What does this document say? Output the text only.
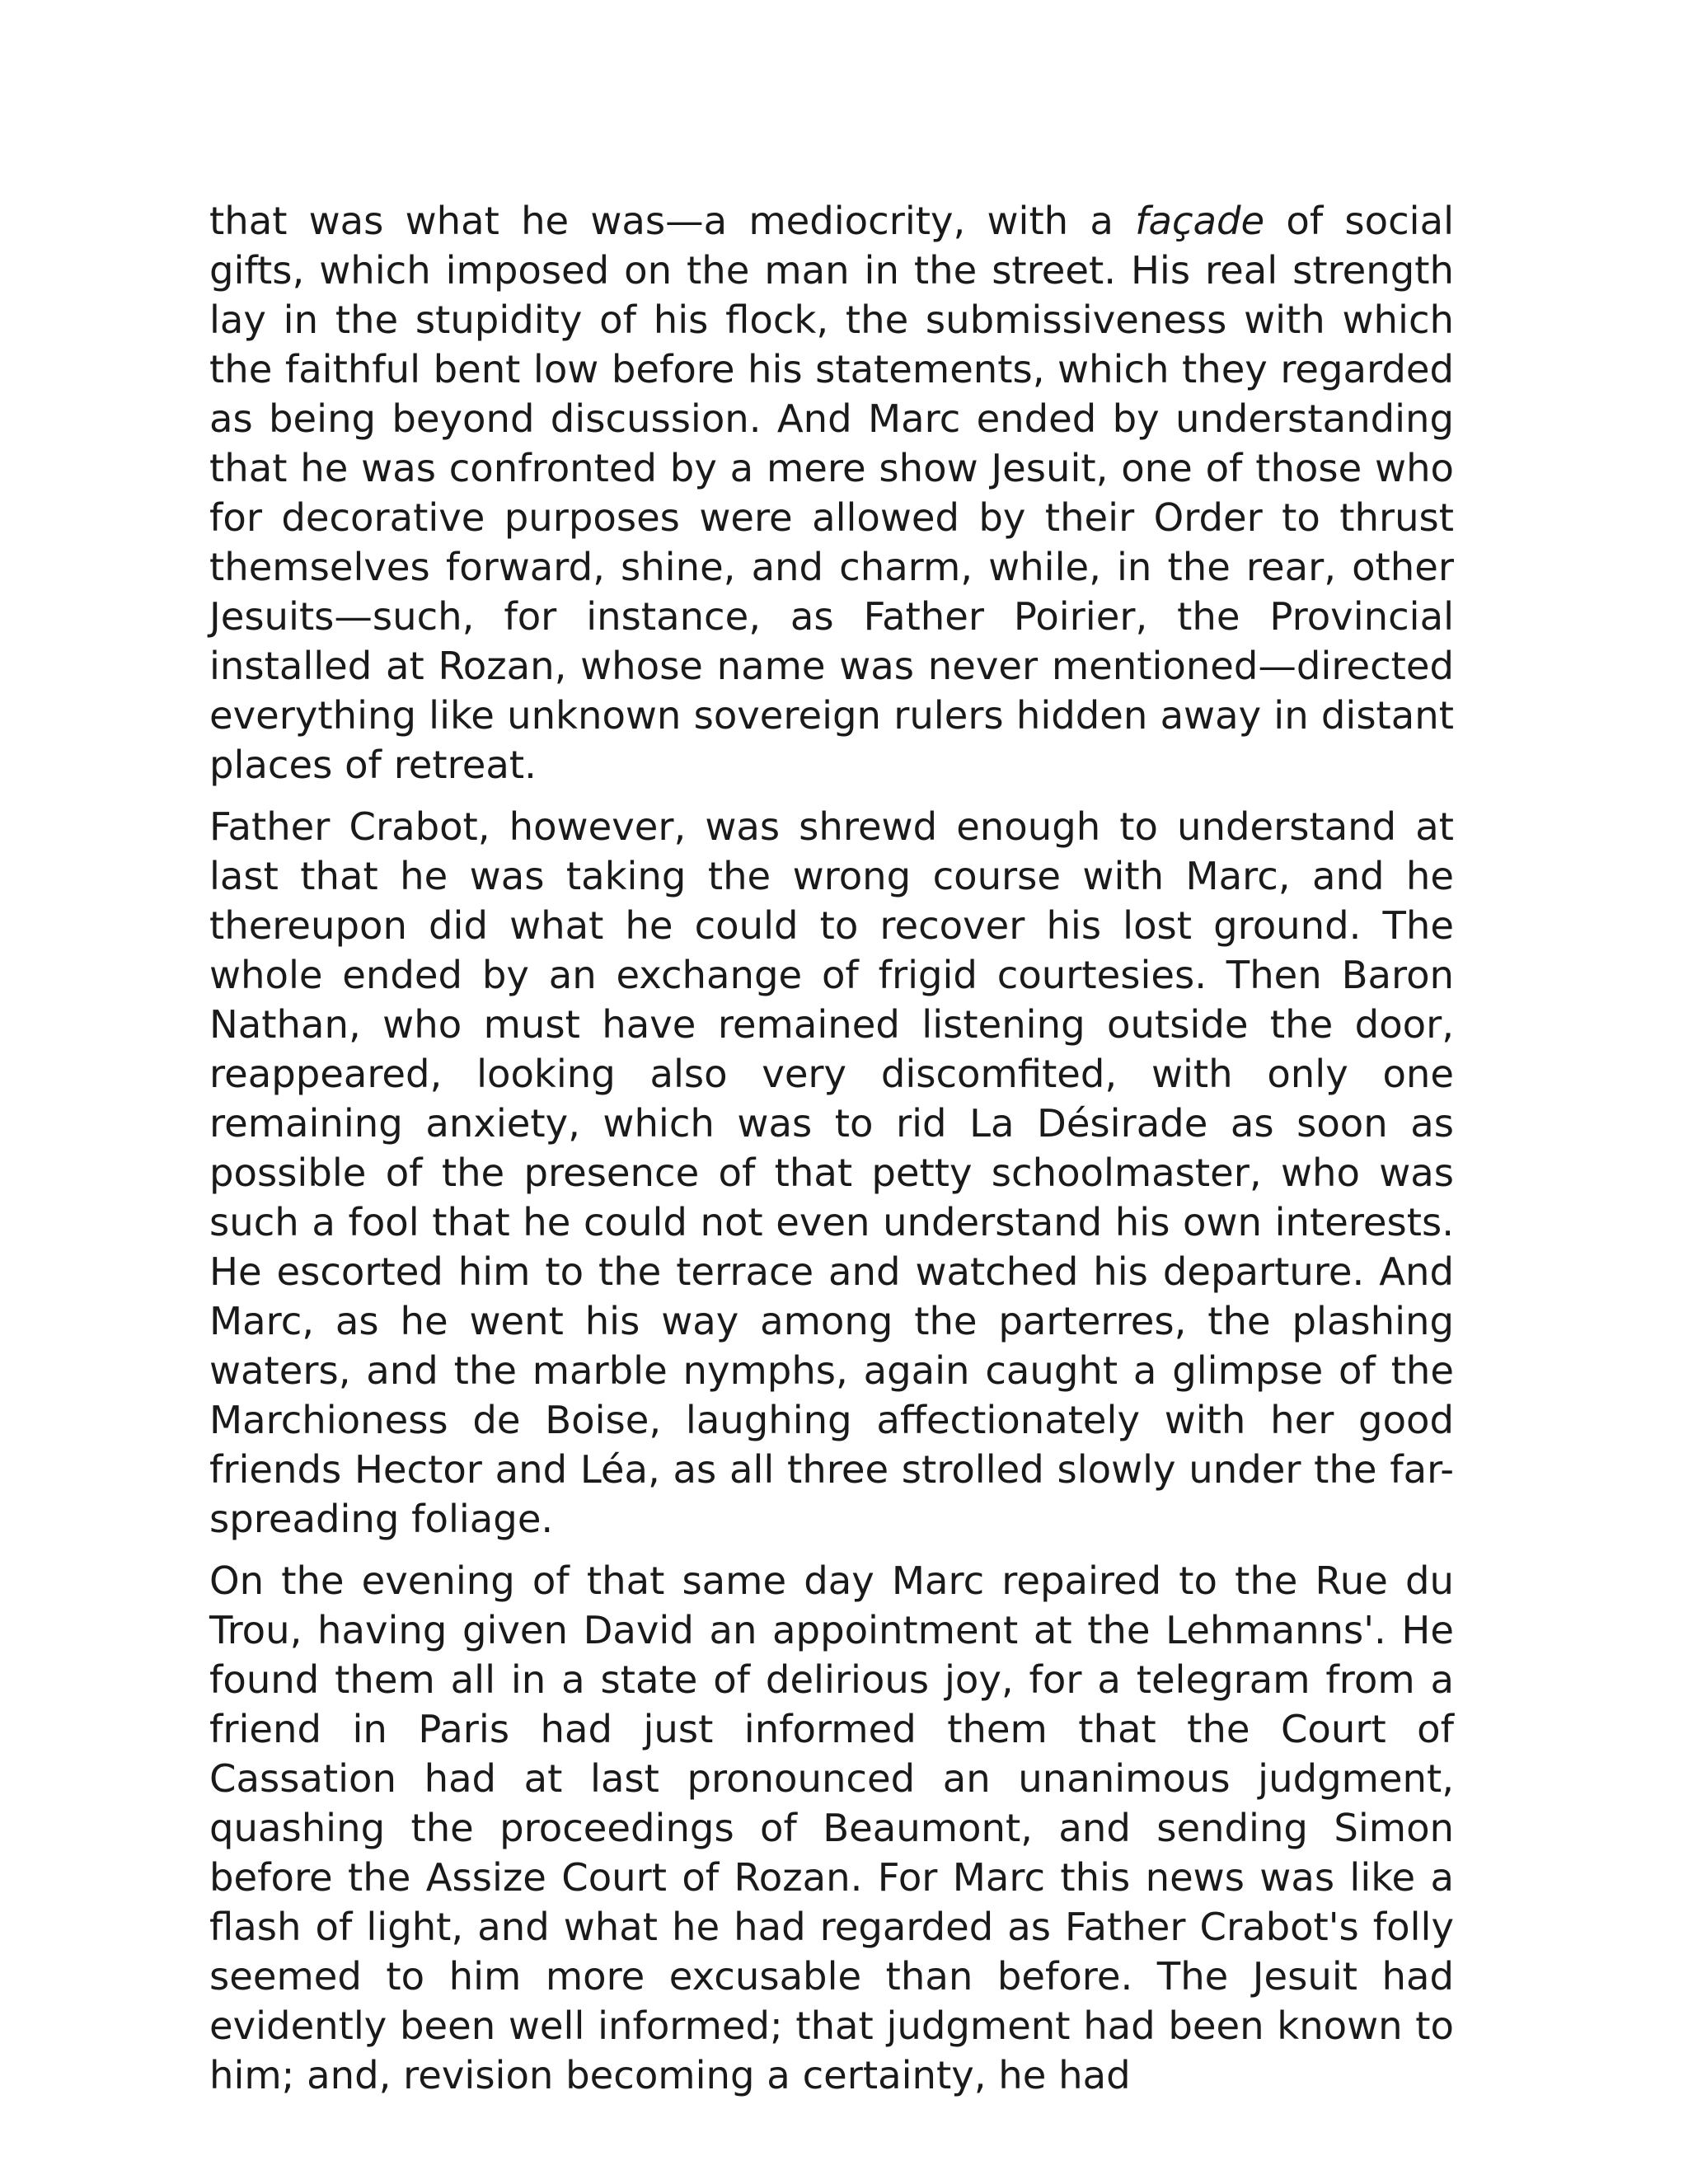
that was what he was—a mediocrity, with a façade of social gifts, which imposed on the man in the street. His real strength lay in the stupidity of his flock, the submissiveness with which the faithful bent low before his statements, which they regarded as being beyond discussion. And Marc ended by understanding that he was confronted by a mere show Jesuit, one of those who for decorative purposes were allowed by their Order to thrust themselves forward, shine, and charm, while, in the rear, other Jesuits—such, for instance, as Father Poirier, the Provincial installed at Rozan, whose name was never mentioned—directed everything like unknown sovereign rulers hidden away in distant places of retreat.

Father Crabot, however, was shrewd enough to understand at last that he was taking the wrong course with Marc, and he thereupon did what he could to recover his lost ground. The whole ended by an exchange of frigid courtesies. Then Baron Nathan, who must have remained listening outside the door, reappeared, looking also very discomfited, with only one remaining anxiety, which was to rid La Désirade as soon as possible of the presence of that petty schoolmaster, who was such a fool that he could not even understand his own interests. He escorted him to the terrace and watched his departure. And Marc, as he went his way among the parterres, the plashing waters, and the marble nymphs, again caught a glimpse of the Marchioness de Boise, laughing affectionately with her good friends Hector and Léa, as all three strolled slowly under the far-spreading foliage.

On the evening of that same day Marc repaired to the Rue du Trou, having given David an appointment at the Lehmanns'. He found them all in a state of delirious joy, for a telegram from a friend in Paris had just informed them that the Court of Cassation had at last pronounced an unanimous judgment, quashing the proceedings of Beaumont, and sending Simon before the Assize Court of Rozan. For Marc this news was like a flash of light, and what he had regarded as Father Crabot's folly seemed to him more excusable than before. The Jesuit had evidently been well informed; that judgment had been known to him; and, revision becoming a certainty, he had
